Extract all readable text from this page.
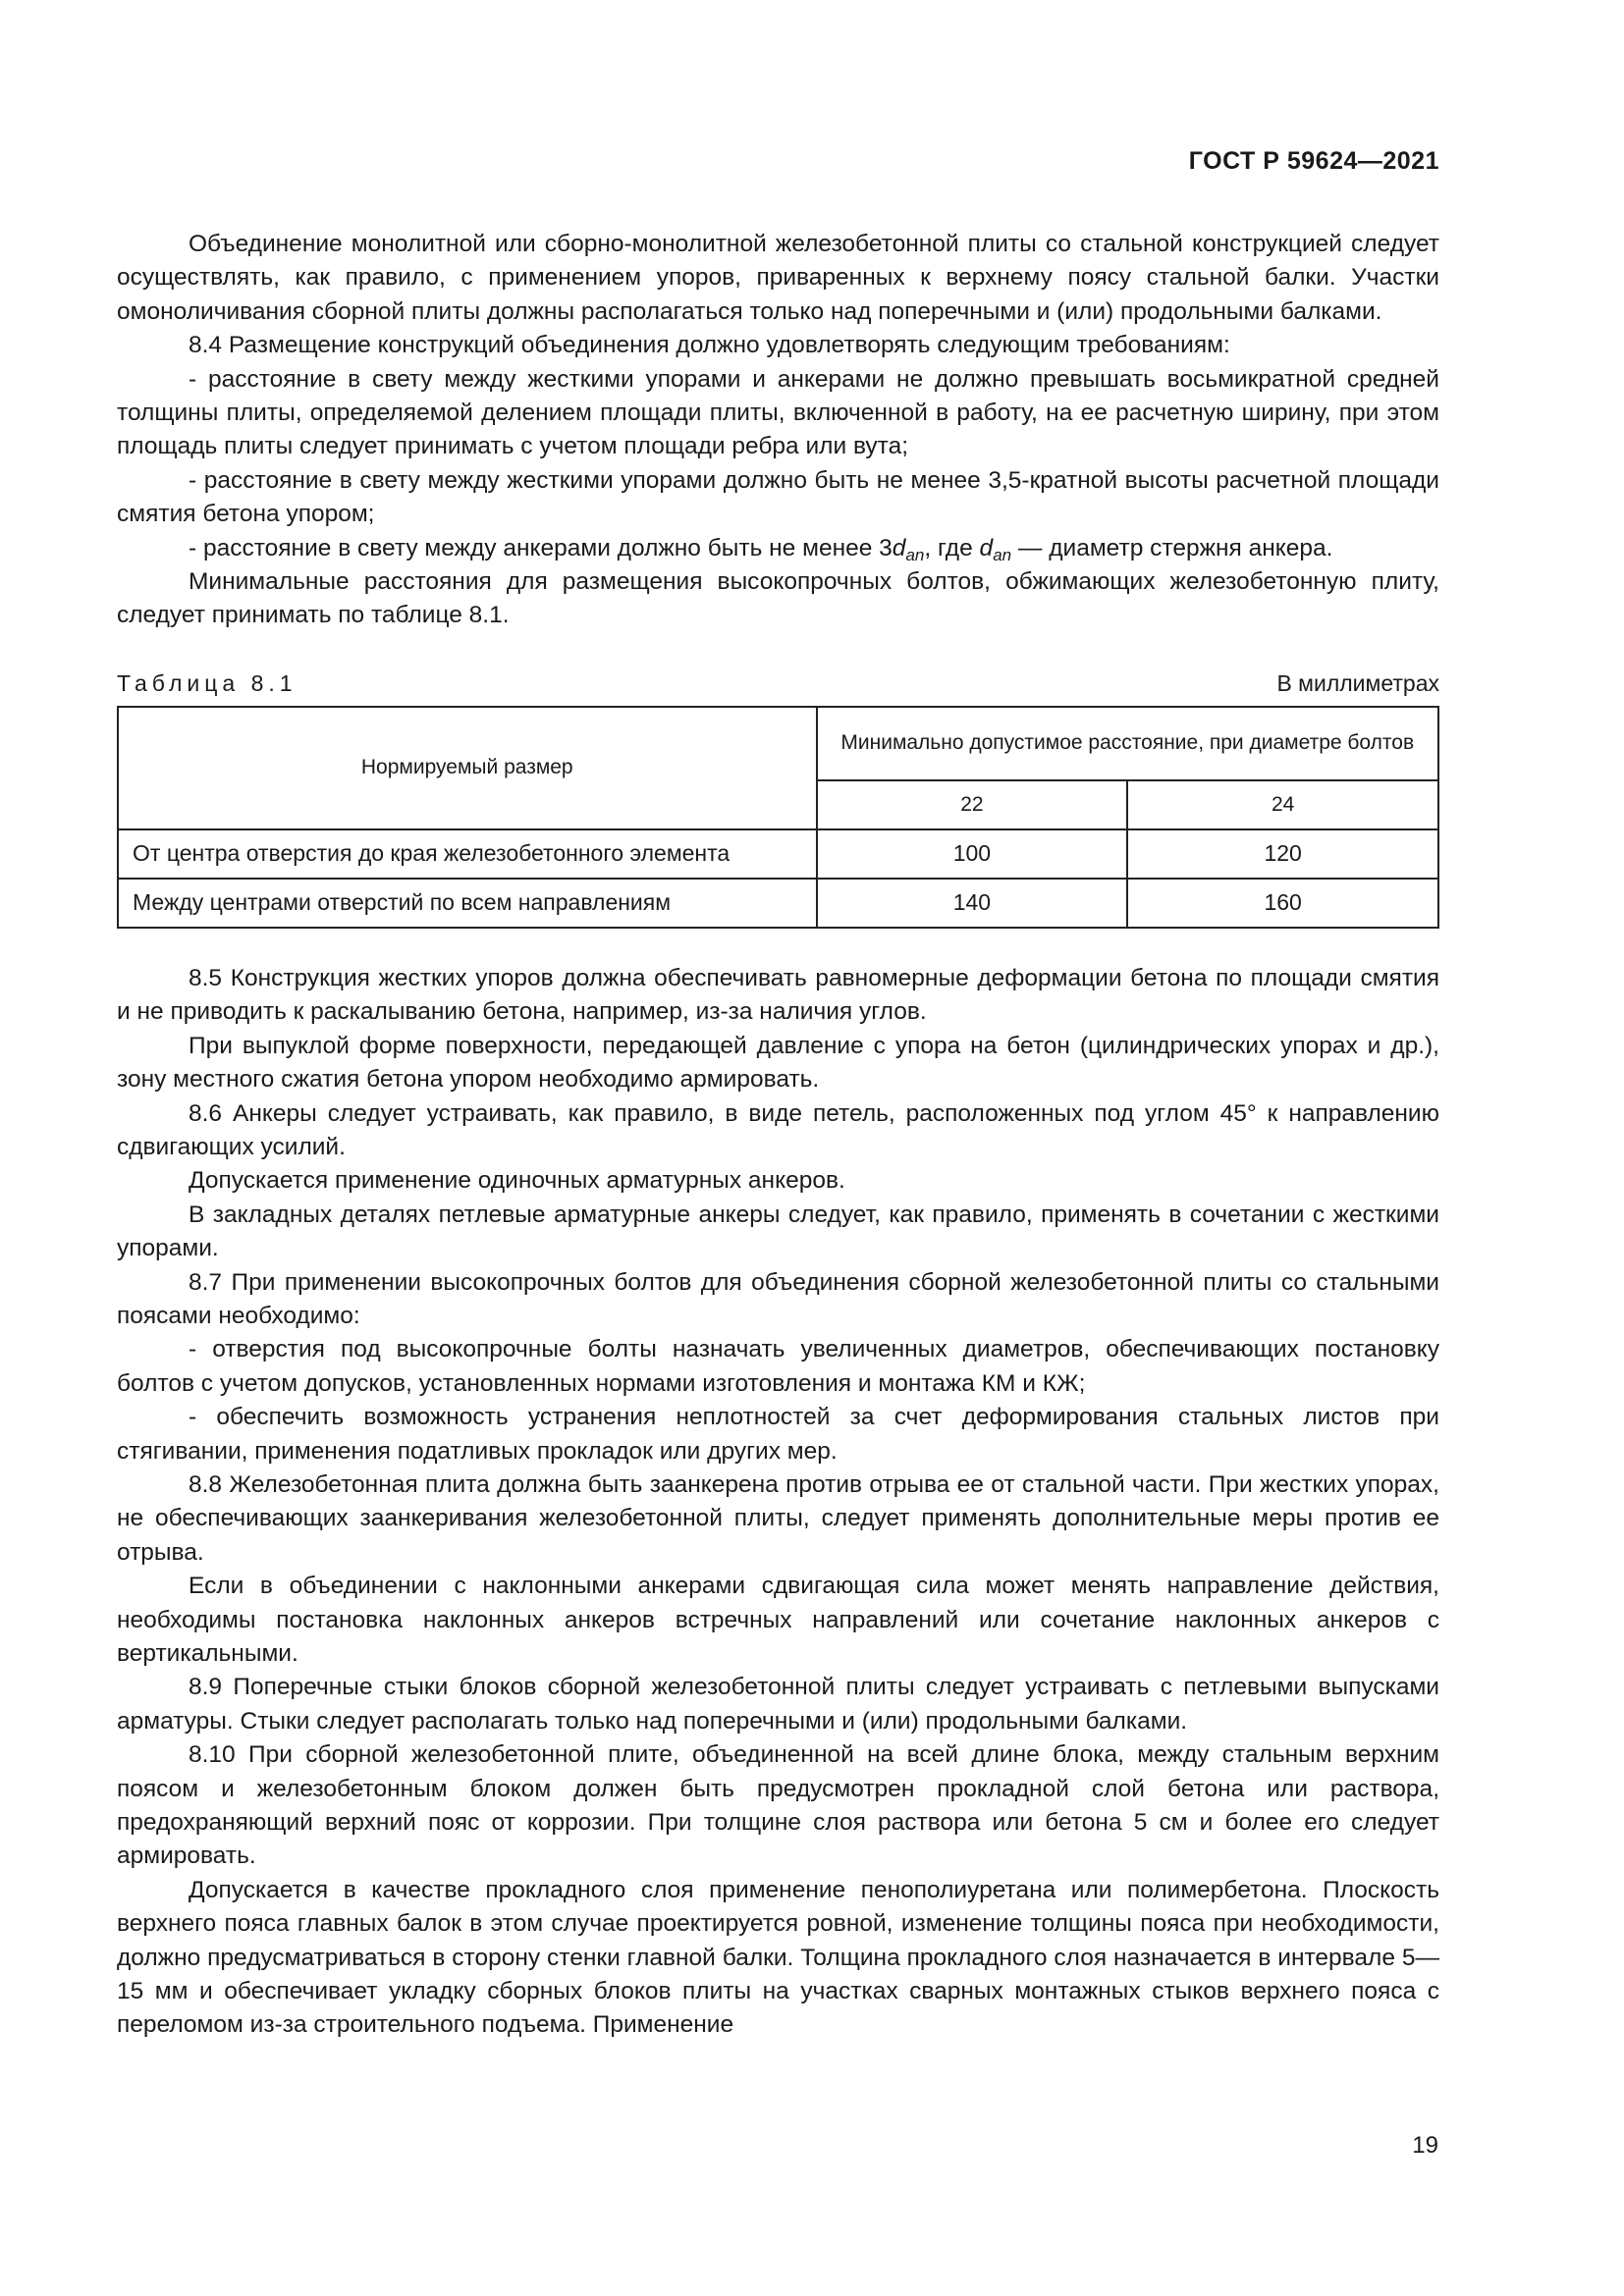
ГОСТ Р 59624—2021

Объединение монолитной или сборно-монолитной железобетонной плиты со стальной конструкцией следует осуществлять, как правило, с применением упоров, приваренных к верхнему поясу стальной балки. Участки омоноличивания сборной плиты должны располагаться только над поперечными и (или) продольными балками.

8.4 Размещение конструкций объединения должно удовлетворять следующим требованиям:

- расстояние в свету между жесткими упорами и анкерами не должно превышать восьмикратной средней толщины плиты, определяемой делением площади плиты, включенной в работу, на ее расчетную ширину, при этом площадь плиты следует принимать с учетом площади ребра или вута;

- расстояние в свету между жесткими упорами должно быть не менее 3,5-кратной высоты расчетной площади смятия бетона упором;

- расстояние в свету между анкерами должно быть не менее $3d_{an}$, где $d_{an}$ — диаметр стержня анкера.

Минимальные расстояния для размещения высокопрочных болтов, обжимающих железобетонную плиту, следует принимать по таблице 8.1.

Таблица 8.1	В миллиметрах
Нормируемый размер	Минимально допустимое расстояние, при диаметре болтов	
	22	24
От центра отверстия до края железобетонного элемента	100	120
Между центрами отверстий по всем направлениям	140	160

8.5 Конструкция жестких упоров должна обеспечивать равномерные деформации бетона по площади смятия и не приводить к раскалыванию бетона, например, из-за наличия углов.

При выпуклой форме поверхности, передающей давление с упора на бетон (цилиндрических упорах и др.), зону местного сжатия бетона упором необходимо армировать.

8.6 Анкеры следует устраивать, как правило, в виде петель, расположенных под углом 45° к направлению сдвигающих усилий.

Допускается применение одиночных арматурных анкеров.

В закладных деталях петлевые арматурные анкеры следует, как правило, применять в сочетании с жесткими упорами.

8.7 При применении высокопрочных болтов для объединения сборной железобетонной плиты со стальными поясами необходимо:

- отверстия под высокопрочные болты назначать увеличенных диаметров, обеспечивающих постановку болтов с учетом допусков, установленных нормами изготовления и монтажа КМ и КЖ;

- обеспечить возможность устранения неплотностей за счет деформирования стальных листов при стягивании, применения податливых прокладок или других мер.

8.8 Железобетонная плита должна быть заанкерена против отрыва ее от стальной части. При жестких упорах, не обеспечивающих заанкеривания железобетонной плиты, следует применять дополнительные меры против ее отрыва.

Если в объединении с наклонными анкерами сдвигающая сила может менять направление действия, необходимы постановка наклонных анкеров встречных направлений или сочетание наклонных анкеров с вертикальными.

8.9 Поперечные стыки блоков сборной железобетонной плиты следует устраивать с петлевыми выпусками арматуры. Стыки следует располагать только над поперечными и (или) продольными балками.

8.10 При сборной железобетонной плите, объединенной на всей длине блока, между стальным верхним поясом и железобетонным блоком должен быть предусмотрен прокладной слой бетона или раствора, предохраняющий верхний пояс от коррозии. При толщине слоя раствора или бетона 5 см и более его следует армировать.

Допускается в качестве прокладного слоя применение пенополиуретана или полимербетона. Плоскость верхнего пояса главных балок в этом случае проектируется ровной, изменение толщины пояса при необходимости, должно предусматриваться в сторону стенки главной балки. Толщина прокладного слоя назначается в интервале 5—15 мм и обеспечивает укладку сборных блоков плиты на участках сварных монтажных стыков верхнего пояса с переломом из-за строительного подъема. Применение

19
